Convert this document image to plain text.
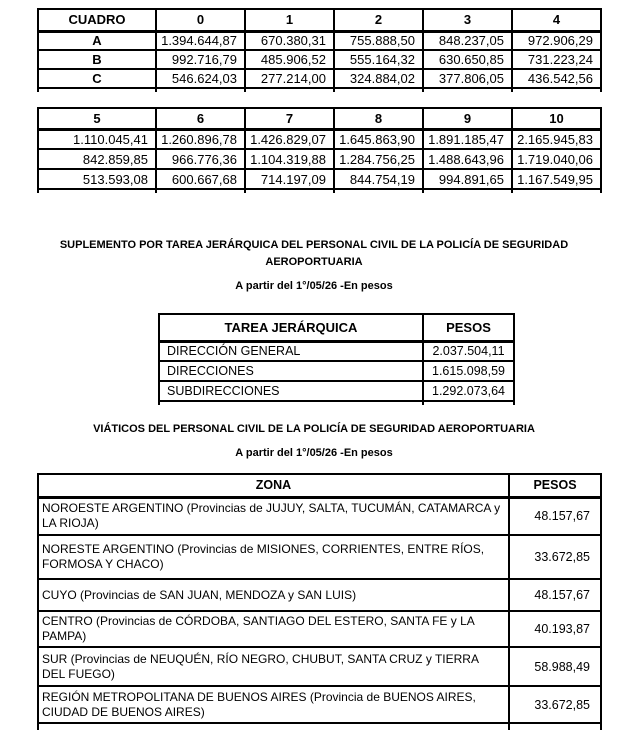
CUADRO	0	1	2	3	4
A	1.394.644,87	670.380,31	755.888,50	848.237,05	972.906,29
B	992.716,79	485.906,52	555.164,32	630.650,85	731.223,24
C	546.624,03	277.214,00	324.884,02	377.806,05	436.542,56

5	6	7	8	9	10
1.110.045,41	1.260.896,78	1.426.829,07	1.645.863,90	1.891.185,47	2.165.945,83
842.859,85	966.776,36	1.104.319,88	1.284.756,25	1.488.643,96	1.719.040,06
513.593,08	600.667,68	714.197,09	844.754,19	994.891,65	1.167.549,95

SUPLEMENTO POR TAREA JERÁRQUICA DEL PERSONAL CIVIL DE LA POLICÍA DE SEGURIDAD AEROPORTUARIA
A partir del 1°/05/26 -En pesos
TAREA JERÁRQUICA	PESOS
DIRECCIÓN GENERAL	2.037.504,11
DIRECCIONES	1.615.098,59
SUBDIRECCIONES	1.292.073,64

VIÁTICOS DEL PERSONAL CIVIL DE LA POLICÍA DE SEGURIDAD AEROPORTUARIA
A partir del 1°/05/26 -En pesos
ZONA	PESOS
NOROESTE ARGENTINO (Provincias de JUJUY, SALTA, TUCUMÁN, CATAMARCA y LA RIOJA)	48.157,67
NORESTE ARGENTINO (Provincias de MISIONES, CORRIENTES, ENTRE RÍOS, FORMOSA Y CHACO)	33.672,85
CUYO (Provincias de SAN JUAN, MENDOZA y SAN LUIS)	48.157,67
CENTRO (Provincias de CÓRDOBA, SANTIAGO DEL ESTERO, SANTA FE y LA PAMPA)	40.193,87
SUR (Provincias de NEUQUÉN, RÍO NEGRO, CHUBUT, SANTA CRUZ y TIERRA DEL FUEGO)	58.988,49
REGIÓN METROPOLITANA DE BUENOS AIRES (Provincia de BUENOS AIRES, CIUDAD DE BUENOS AIRES)	33.672,85
